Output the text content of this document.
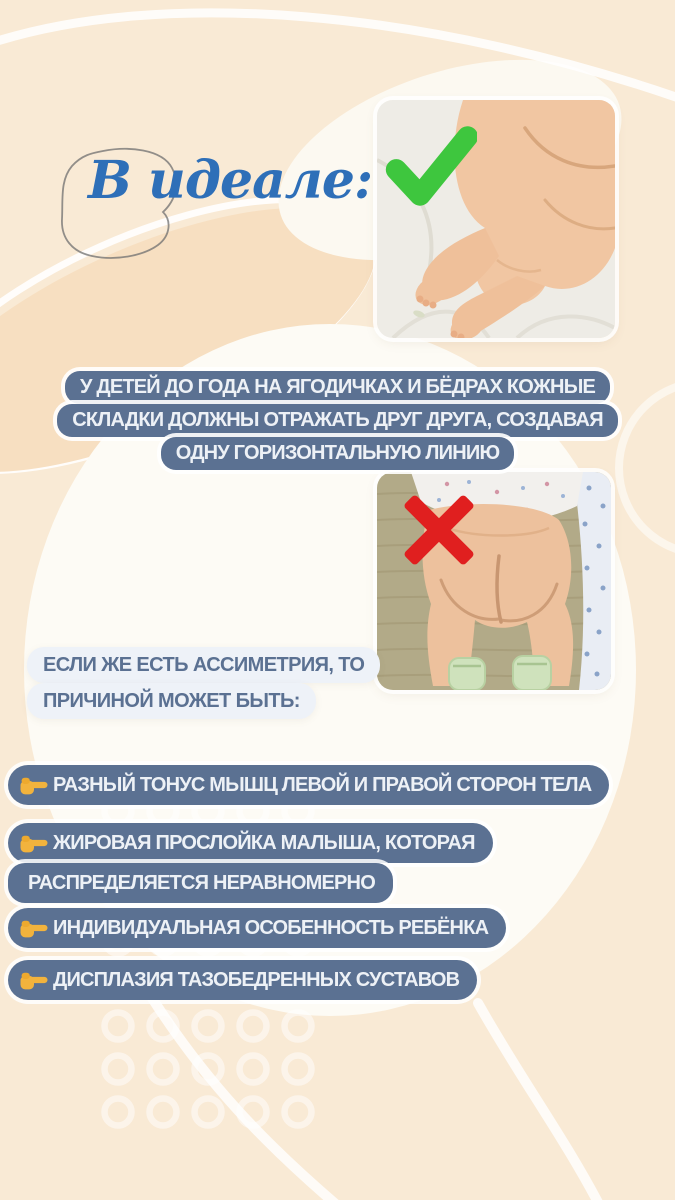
В идеале:
У ДЕТЕЙ ДО ГОДА НА ЯГОДИЧКАХ И БЁДРАХ КОЖНЫЕ
СКЛАДКИ ДОЛЖНЫ ОТРАЖАТЬ ДРУГ ДРУГА, СОЗДАВАЯ
ОДНУ ГОРИЗОНТАЛЬНУЮ ЛИНИЮ
ЕСЛИ ЖЕ ЕСТЬ АССИМЕТРИЯ, ТО
ПРИЧИНОЙ МОЖЕТ БЫТЬ:
РАЗНЫЙ ТОНУС МЫШЦ ЛЕВОЙ И ПРАВОЙ СТОРОН ТЕЛА
ЖИРОВАЯ ПРОСЛОЙКА МАЛЫША, КОТОРАЯ
РАСПРЕДЕЛЯЕТСЯ НЕРАВНОМЕРНО
ИНДИВИДУАЛЬНАЯ ОСОБЕННОСТЬ РЕБЁНКА
ДИСПЛАЗИЯ ТАЗОБЕДРЕННЫХ СУСТАВОВ
